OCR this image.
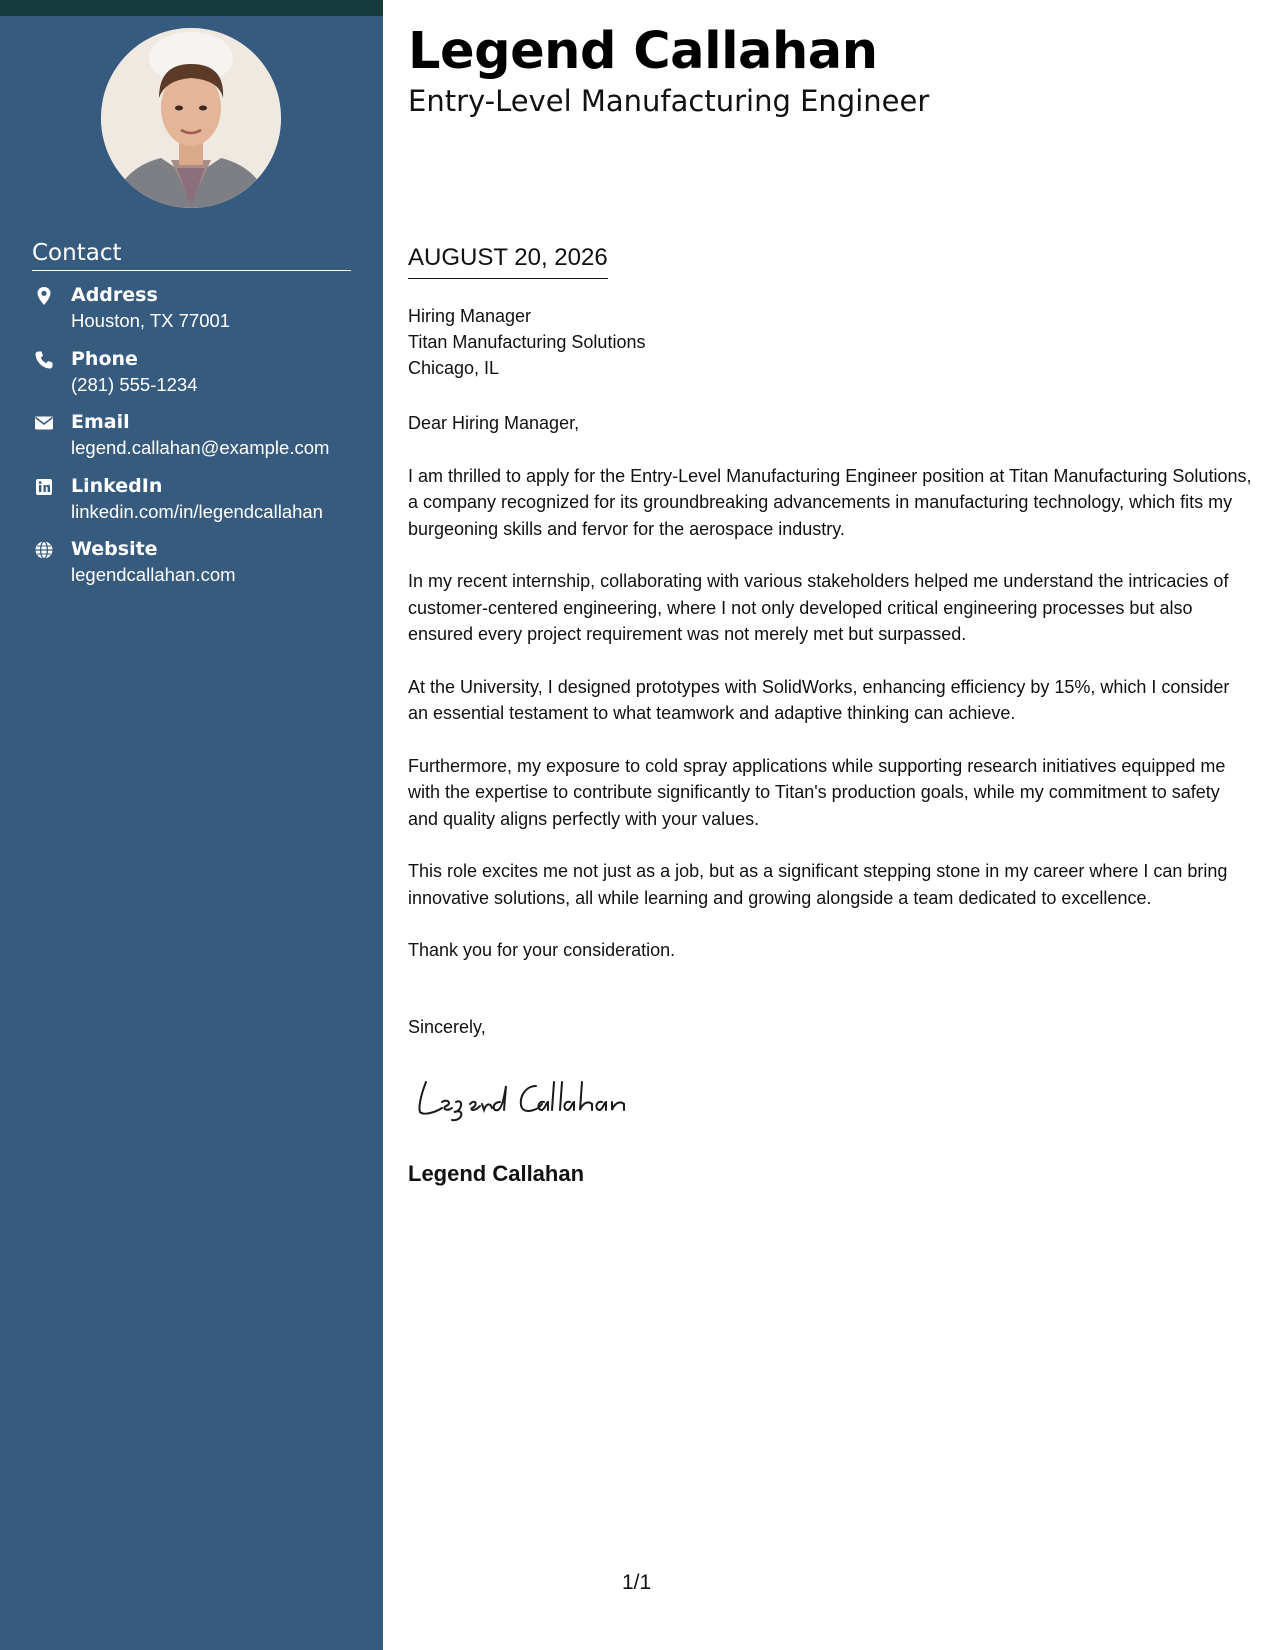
Contact
Address
Houston, TX 77001
Phone
(281) 555-1234
Email
legend.callahan@example.com
LinkedIn
linkedin.com/in/legendcallahan
Website
legendcallahan.com
Legend Callahan
Entry-Level Manufacturing Engineer
AUGUST 20, 2026
Hiring Manager
Titan Manufacturing Solutions
Chicago, IL

Dear Hiring Manager,

I am thrilled to apply for the Entry-Level Manufacturing Engineer position at Titan Manufacturing Solutions, a company recognized for its groundbreaking advancements in manufacturing technology, which fits my burgeoning skills and fervor for the aerospace industry.

In my recent internship, collaborating with various stakeholders helped me understand the intricacies of customer-centered engineering, where I not only developed critical engineering processes but also ensured every project requirement was not merely met but surpassed.

At the University, I designed prototypes with SolidWorks, enhancing efficiency by 15%, which I consider an essential testament to what teamwork and adaptive thinking can achieve.

Furthermore, my exposure to cold spray applications while supporting research initiatives equipped me with the expertise to contribute significantly to Titan's production goals, while my commitment to safety and quality aligns perfectly with your values.

This role excites me not just as a job, but as a significant stepping stone in my career where I can bring innovative solutions, all while learning and growing alongside a team dedicated to excellence.

Thank you for your consideration.

Sincerely,
Legend Callahan
1/1
